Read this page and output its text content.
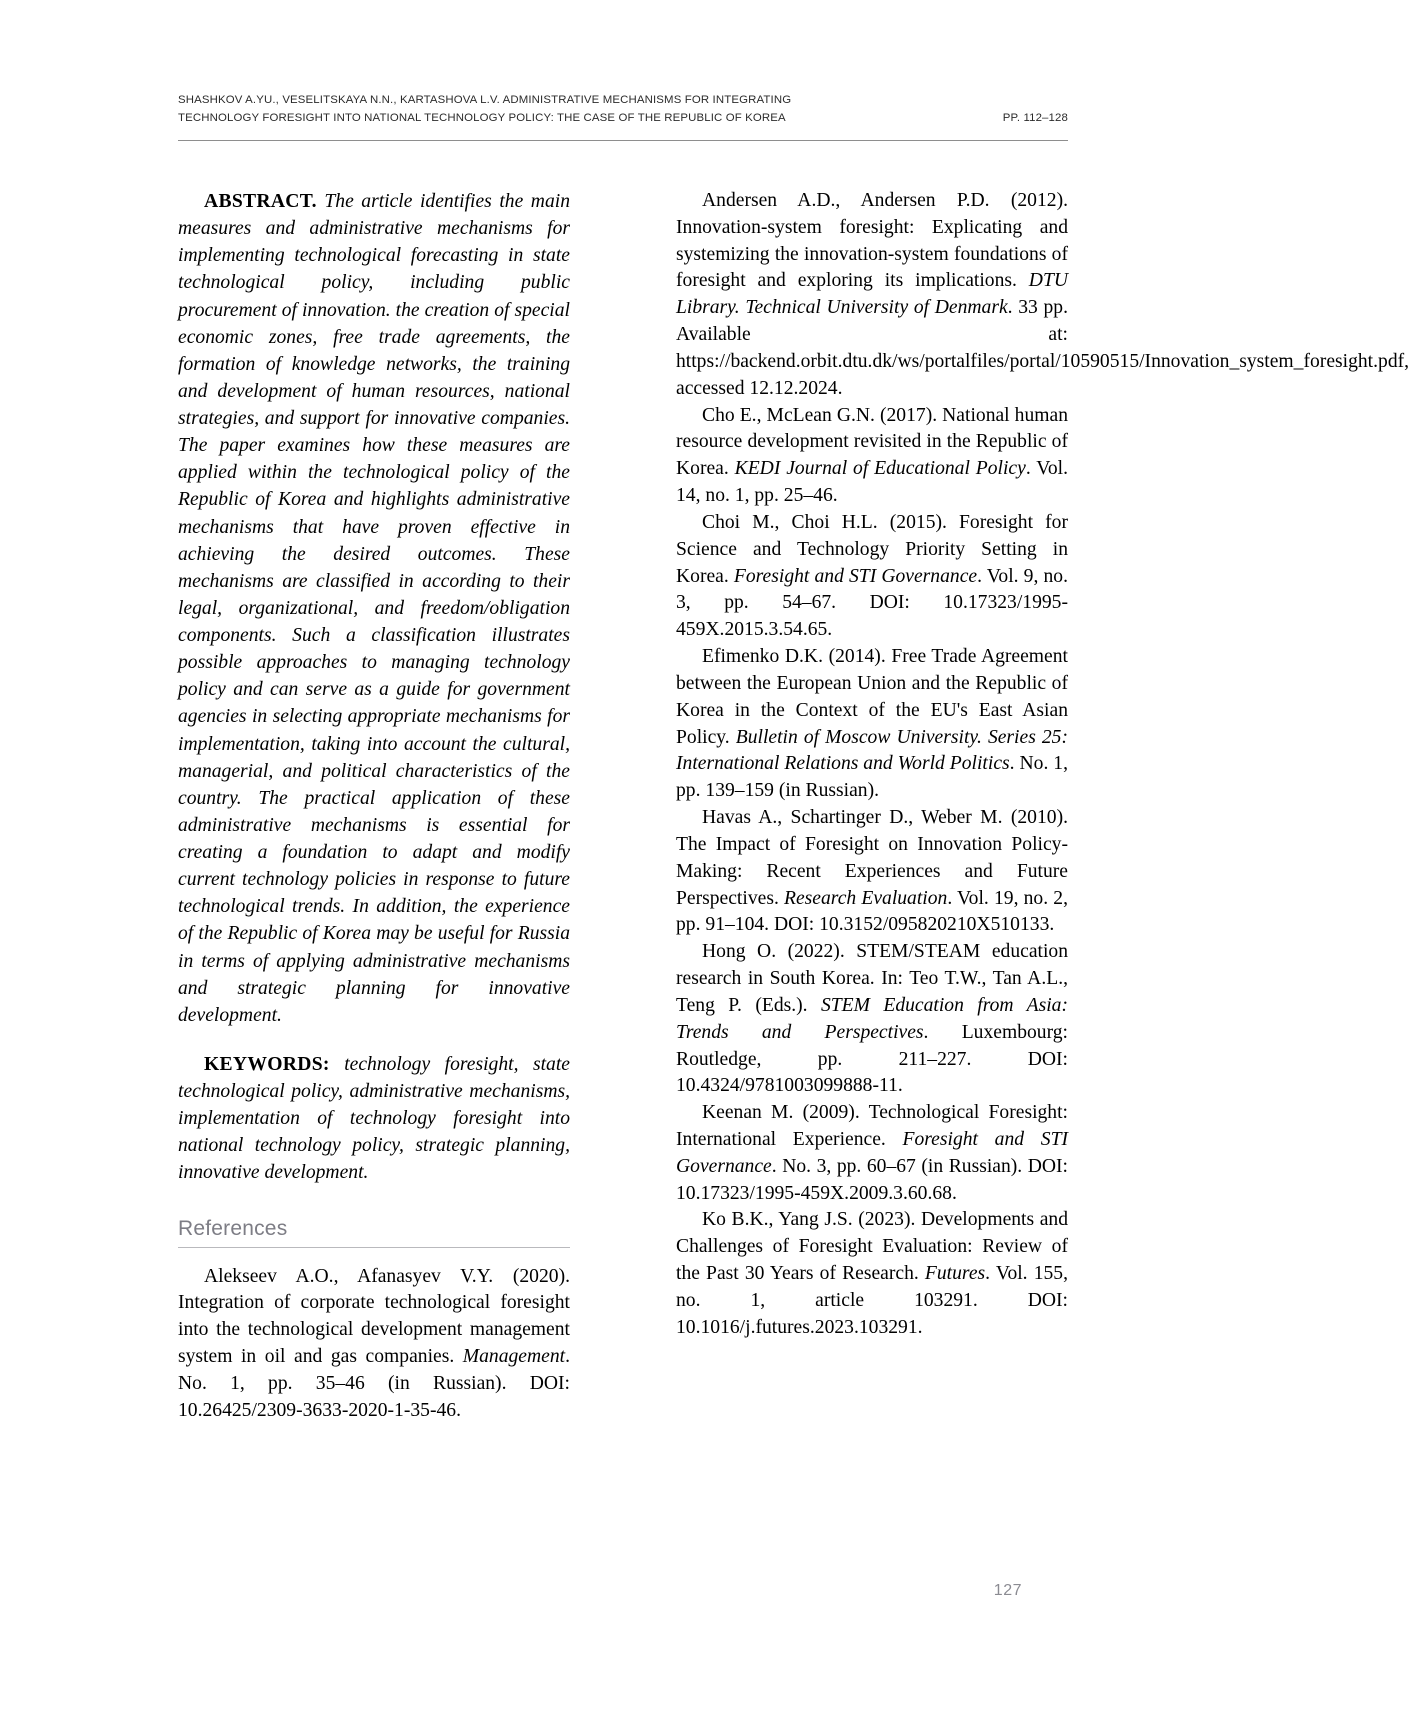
SHASHKOV A.YU., VESELITSKAYA N.N., KARTASHOVA L.V. ADMINISTRATIVE MECHANISMS FOR INTEGRATING
TECHNOLOGY FORESIGHT INTO NATIONAL TECHNOLOGY POLICY: THE CASE OF THE REPUBLIC OF KOREA	PP. 112–128

ABSTRACT. The article identifies the main measures and administrative mechanisms for implementing technological forecasting in state technological policy, including public procurement of innovation. the creation of special economic zones, free trade agreements, the formation of knowledge networks, the training and development of human resources, national strategies, and support for innovative companies. The paper examines how these measures are applied within the technological policy of the Republic of Korea and highlights administrative mechanisms that have proven effective in achieving the desired outcomes. These mechanisms are classified in according to their legal, organizational, and freedom/obligation components. Such a classification illustrates possible approaches to managing technology policy and can serve as a guide for government agencies in selecting appropriate mechanisms for implementation, taking into account the cultural, managerial, and political characteristics of the country. The practical application of these administrative mechanisms is essential for creating a foundation to adapt and modify current technology policies in response to future technological trends. In addition, the experience of the Republic of Korea may be useful for Russia in terms of applying administrative mechanisms and strategic planning for innovative development.

KEYWORDS: technology foresight, state technological policy, administrative mechanisms, implementation of technology foresight into national technology policy, strategic planning, innovative development.

References

Alekseev A.O., Afanasyev V.Y. (2020). Integration of corporate technological foresight into the technological development management system in oil and gas companies. Management. No. 1, pp. 35–46 (in Russian). DOI: 10.26425/2309-3633-2020-1-35-46.

Andersen A.D., Andersen P.D. (2012). Innovation-system foresight: Explicating and systemizing the innovation-system foundations of foresight and exploring its implications. DTU Library. Technical University of Denmark. 33 pp. Available at: https://backend.orbit.dtu.dk/ws/portalfiles/portal/10590515/Innovation_system_foresight.pdf, accessed 12.12.2024.

Cho E., McLean G.N. (2017). National human resource development revisited in the Republic of Korea. KEDI Journal of Educational Policy. Vol. 14, no. 1, pp. 25–46.

Choi M., Choi H.L. (2015). Foresight for Science and Technology Priority Setting in Korea. Foresight and STI Governance. Vol. 9, no. 3, pp. 54–67. DOI: 10.17323/1995-459X.2015.3.54.65.

Efimenko D.K. (2014). Free Trade Agreement between the European Union and the Republic of Korea in the Context of the EU's East Asian Policy. Bulletin of Moscow University. Series 25: International Relations and World Politics. No. 1, pp. 139–159 (in Russian).

Havas A., Schartinger D., Weber M. (2010). The Impact of Foresight on Innovation Policy-Making: Recent Experiences and Future Perspectives. Research Evaluation. Vol. 19, no. 2, pp. 91–104. DOI: 10.3152/095820210X510133.

Hong O. (2022). STEM/STEAM education research in South Korea. In: Teo T.W., Tan A.L., Teng P. (Eds.). STEM Education from Asia: Trends and Perspectives. Luxembourg: Routledge, pp. 211–227. DOI: 10.4324/9781003099888-11.

Keenan M. (2009). Technological Foresight: International Experience. Foresight and STI Governance. No. 3, pp. 60–67 (in Russian). DOI: 10.17323/1995-459X.2009.3.60.68.

Ko B.K., Yang J.S. (2023). Developments and Challenges of Foresight Evaluation: Review of the Past 30 Years of Research. Futures. Vol. 155, no. 1, article 103291. DOI: 10.1016/j.futures.2023.103291.

127
